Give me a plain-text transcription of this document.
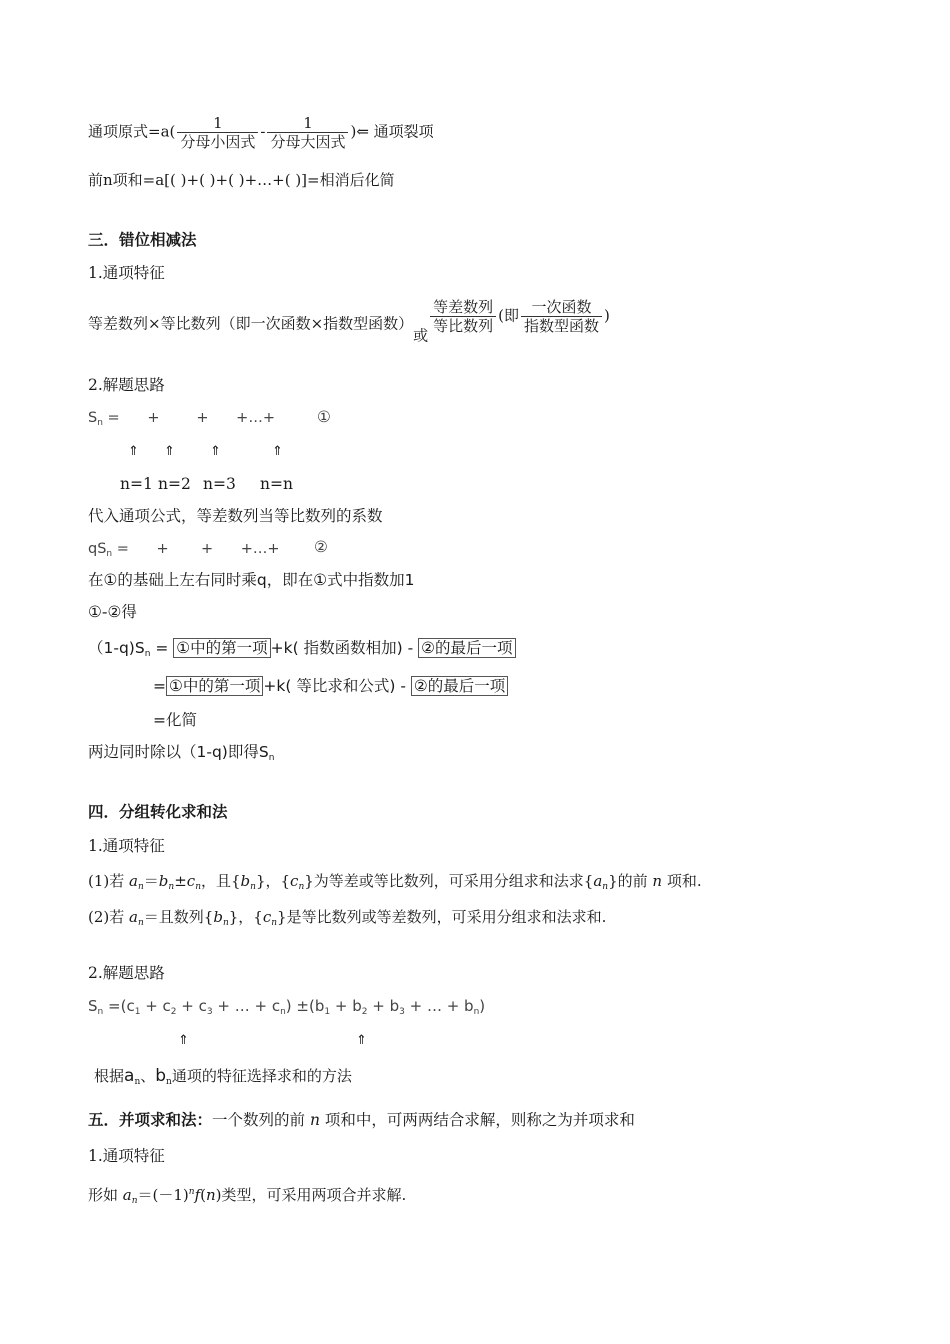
通项原式$=a( \frac{1}{\text{分母小因式}} - \frac{1}{\text{分母大因式}}$ )⇐ 通项裂项
前n项和=a[( )+( )+( )+…+( )]=相消后化简
三．错位相减法
1.通项特征
等差数列×等比数列（即一次函数×指数型函数）或
$\frac{\text{等差数列}}{\text{等比数列}}$ (即 $\frac{\text{一次函数}}{\text{指数型函数}}$ )
2.解题思路
$S_n$ =      +        +      +…+	①
⇑ ⇑	⇑	⇑
n=1 n=2 n=3 n=n
代入通项公式，等差数列当等比数列的系数
$qS_n$ =      +       +      +…+ ②
在①的基础上左右同时乘q，即在①式中指数加1
①-②得
$(1-q)S_n$ = ①中的第一项 +k( 指数函数相加) - ②的最后一项
= ①中的第一项 +k( 等比求和公式) - ②的最后一项
=化简
两边同时除以（1-q)即得$S_n$
四．分组转化求和法
1.通项特征
(1)若 $a_n=b_n\pm c_n$，且$\{b_n\}$，$\{c_n\}$为等差或等比数列，可采用分组求和法求$\{a_n\}$的前 n 项和.
(2)若 $a_n=$且数列$\{b_n\}$，$\{c_n\}$是等比数列或等差数列，可采用分组求和法求和.
2.解题思路
$S_n =(c_1 + c_2 + c_3$ + … + $c_n) \pm(b_1 + b_2 + b_3$ + … + $b_n$)
⇑	⇑
根据$a_n$、$b_n$通项的特征选择求和的方法
五．并项求和法：一个数列的前 n 项和中，可两两结合求解，则称之为并项求和
1.通项特征
形如 $a_n=(-1)^nf(n)$类型，可采用两项合并求解.
